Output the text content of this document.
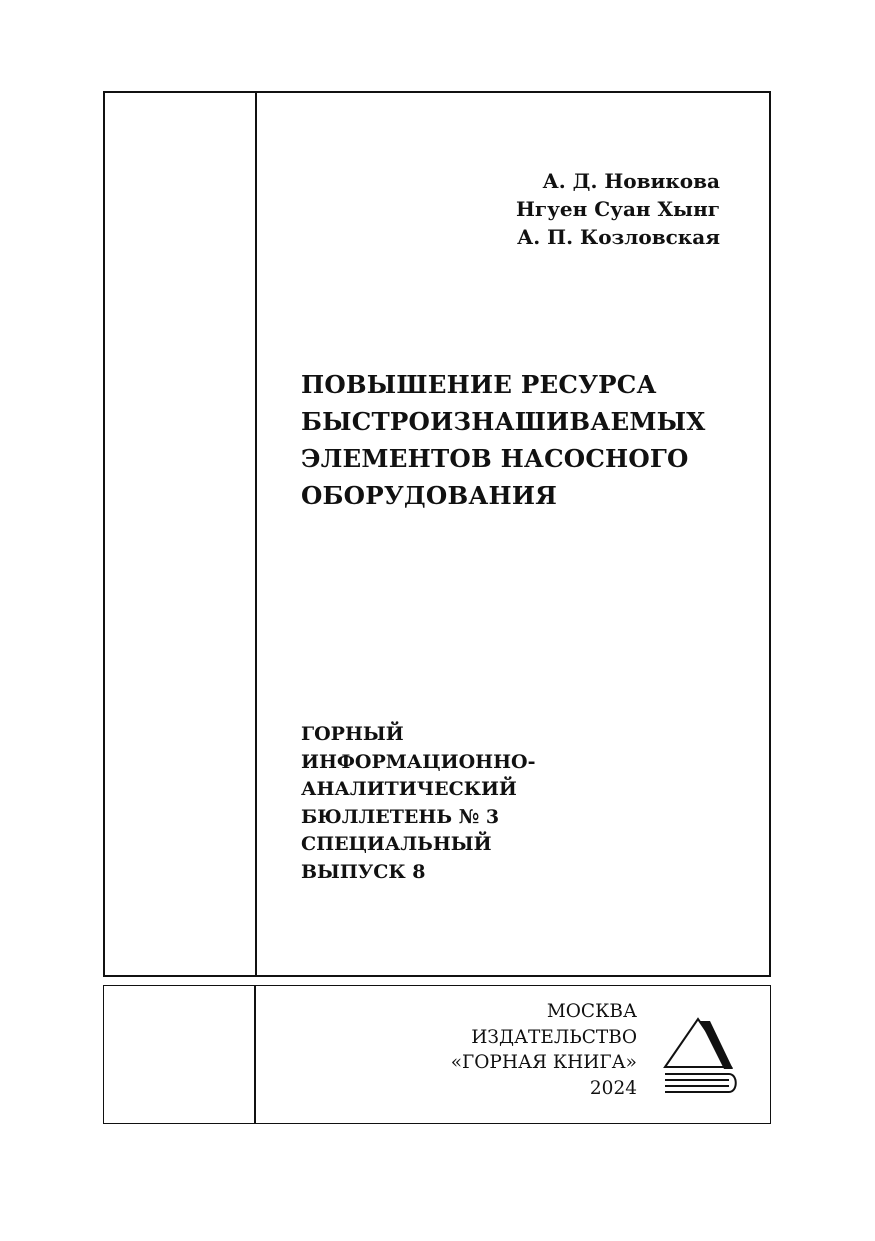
А. Д. Новикова
Нгуен Суан Хынг
А. П. Козловская
ПОВЫШЕНИЕ РЕСУРСА
БЫСТРОИЗНАШИВАЕМЫХ
ЭЛЕМЕНТОВ НАСОСНОГО
ОБОРУДОВАНИЯ
ГОРНЫЙ
ИНФОРМАЦИОННО-
АНАЛИТИЧЕСКИЙ
БЮЛЛЕТЕНЬ № 3
СПЕЦИАЛЬНЫЙ
ВЫПУСК 8
МОСКВА
ИЗДАТЕЛЬСТВО
«ГОРНАЯ КНИГА»
2024
